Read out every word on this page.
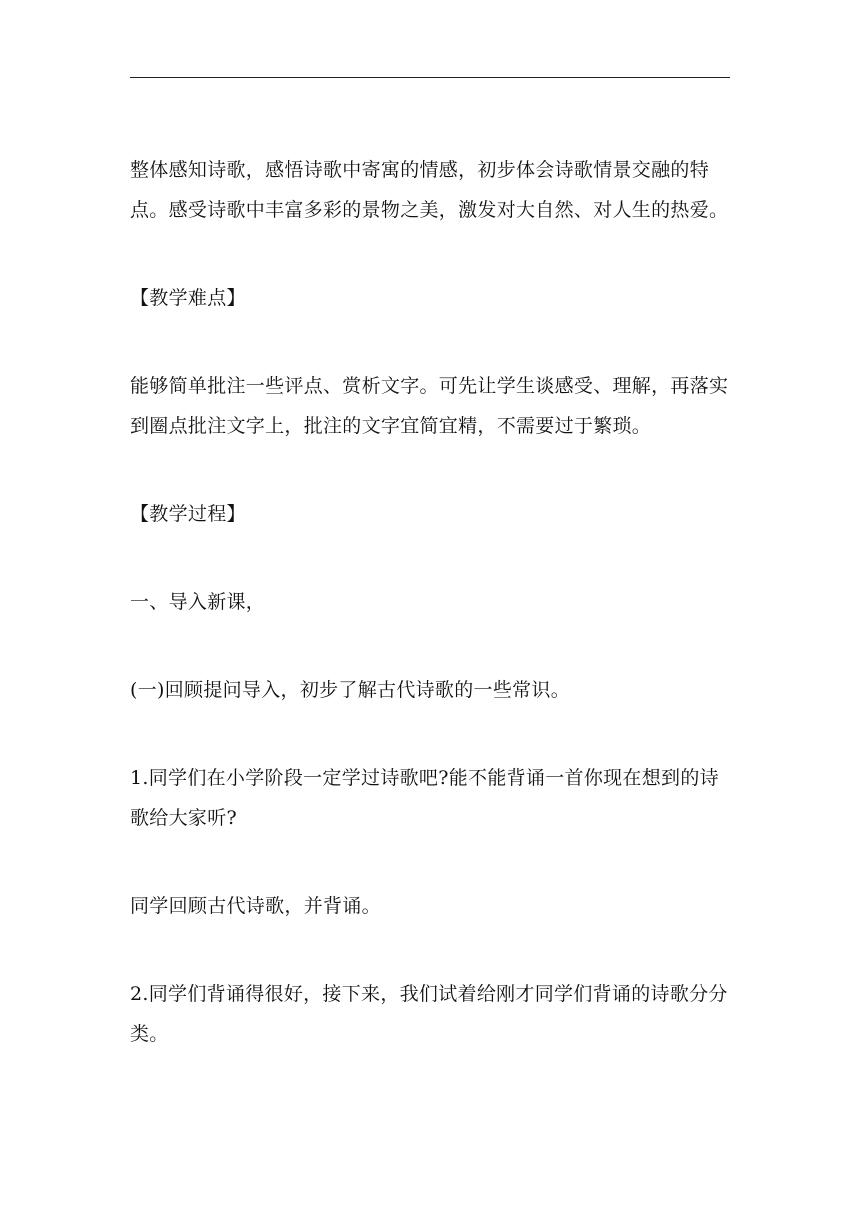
整体感知诗歌，感悟诗歌中寄寓的情感，初步体会诗歌情景交融的特点。感受诗歌中丰富多彩的景物之美，激发对大自然、对人生的热爱。

【教学难点】

能够简单批注一些评点、赏析文字。可先让学生谈感受、理解，再落实到圈点批注文字上，批注的文字宜简宜精，不需要过于繁琐。

【教学过程】

一、导入新课，

(一)回顾提问导入，初步了解古代诗歌的一些常识。

1.同学们在小学阶段一定学过诗歌吧?能不能背诵一首你现在想到的诗歌给大家听?

同学回顾古代诗歌，并背诵。

2.同学们背诵得很好，接下来，我们试着给刚才同学们背诵的诗歌分分类。
